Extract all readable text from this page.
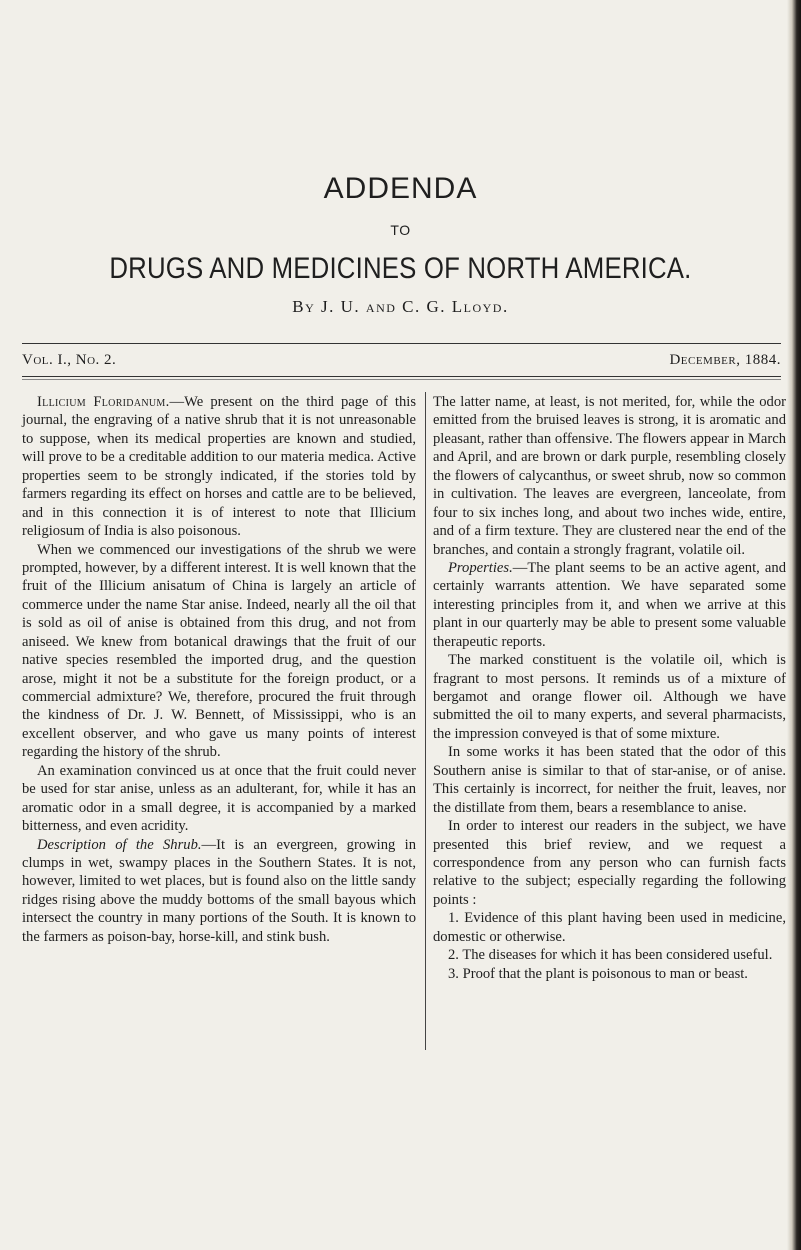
ADDENDA
TO
DRUGS AND MEDICINES OF NORTH AMERICA.
By J. U. and C. G. Lloyd.
Vol. I., No. 2.	December, 1884.

Illicium Floridanum.—We present on the third page of this journal, the engraving of a native shrub that it is not unreasonable to suppose, when its medical properties are known and studied, will prove to be a creditable addition to our materia medica. Active properties seem to be strongly indicated, if the stories told by farmers regarding its effect on horses and cattle are to be believed, and in this connection it is of interest to note that Illicium religiosum of India is also poisonous.

When we commenced our investigations of the shrub we were prompted, however, by a different interest. It is well known that the fruit of the Illicium anisatum of China is largely an article of commerce under the name Star anise. Indeed, nearly all the oil that is sold as oil of anise is obtained from this drug, and not from aniseed. We knew from botanical drawings that the fruit of our native species resembled the imported drug, and the question arose, might it not be a substitute for the foreign product, or a commercial admixture? We, therefore, procured the fruit through the kindness of Dr. J. W. Bennett, of Mississippi, who is an excellent observer, and who gave us many points of interest regarding the history of the shrub.

An examination convinced us at once that the fruit could never be used for star anise, unless as an adulterant, for, while it has an aromatic odor in a small degree, it is accompanied by a marked bitterness, and even acridity.

Description of the Shrub.—It is an evergreen, growing in clumps in wet, swampy places in the Southern States. It is not, however, limited to wet places, but is found also on the little sandy ridges rising above the muddy bottoms of the small bayous which intersect the country in many portions of the South. It is known to the farmers as poison-bay, horse-kill, and stink bush.

The latter name, at least, is not merited, for, while the odor emitted from the bruised leaves is strong, it is aromatic and pleasant, rather than offensive. The flowers appear in March and April, and are brown or dark purple, resembling closely the flowers of calycanthus, or sweet shrub, now so common in cultivation. The leaves are evergreen, lanceolate, from four to six inches long, and about two inches wide, entire, and of a firm texture. They are clustered near the end of the branches, and contain a strongly fragrant, volatile oil.

Properties.—The plant seems to be an active agent, and certainly warrants attention. We have separated some interesting principles from it, and when we arrive at this plant in our quarterly may be able to present some valuable therapeutic reports.

The marked constituent is the volatile oil, which is fragrant to most persons. It reminds us of a mixture of bergamot and orange flower oil. Although we have submitted the oil to many experts, and several pharmacists, the impression conveyed is that of some mixture.

In some works it has been stated that the odor of this Southern anise is similar to that of star-anise, or of anise. This certainly is incorrect, for neither the fruit, leaves, nor the distillate from them, bears a resemblance to anise.

In order to interest our readers in the subject, we have presented this brief review, and we request a correspondence from any person who can furnish facts relative to the subject; especially regarding the following points :

1. Evidence of this plant having been used in medicine, domestic or otherwise.

2. The diseases for which it has been considered useful.

3. Proof that the plant is poisonous to man or beast.
